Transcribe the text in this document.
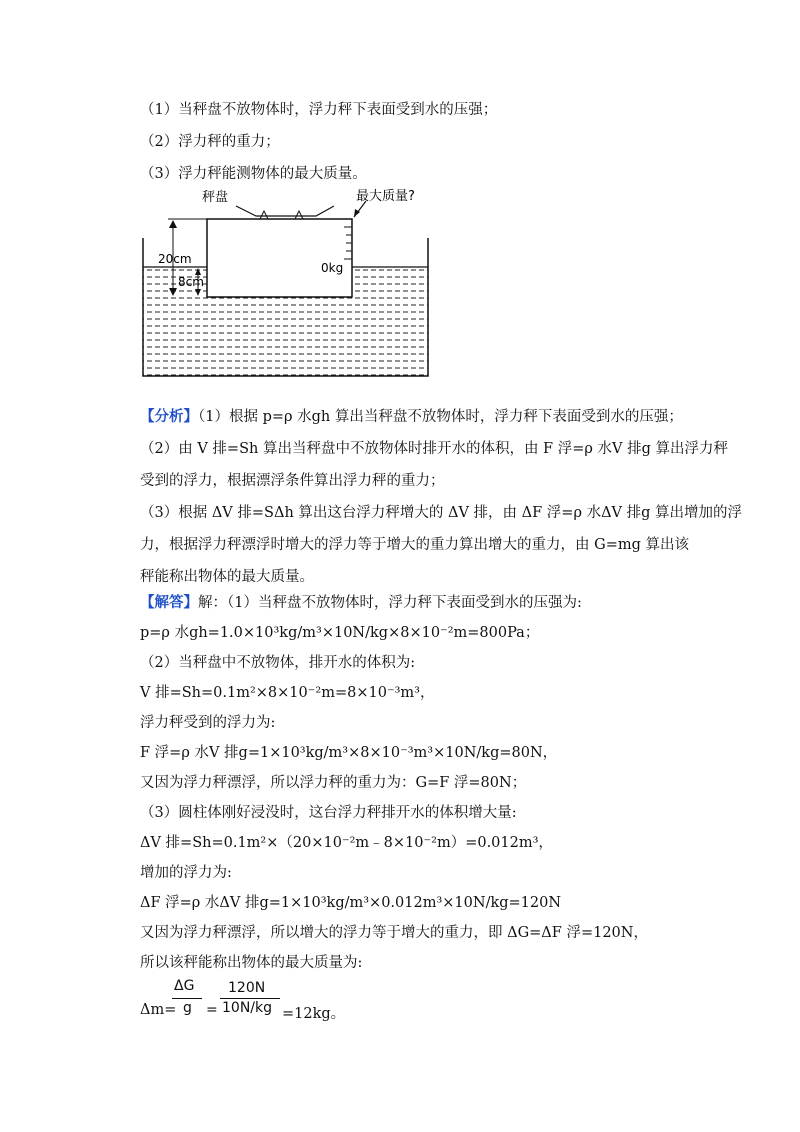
（1）当秤盘不放物体时，浮力秤下表面受到水的压强；
（2）浮力秤的重力；
（3）浮力秤能测物体的最大质量。
秤盘	最大质量?
20cm
8cm
0kg
【分析】（1）根据 p=ρ 水gh 算出当秤盘不放物体时，浮力秤下表面受到水的压强；
（2）由 V 排=Sh 算出当秤盘中不放物体时排开水的体积，由 F 浮=ρ 水V 排g 算出浮力秤
受到的浮力，根据漂浮条件算出浮力秤的重力；
（3）根据 ΔV 排=SΔh 算出这台浮力秤增大的 ΔV 排，由 ΔF 浮=ρ 水ΔV 排g 算出增加的浮
力，根据浮力秤漂浮时增大的浮力等于增大的重力算出增大的重力，由 G=mg 算出该
秤能称出物体的最大质量。
【解答】解：（1）当秤盘不放物体时，浮力秤下表面受到水的压强为:
p=ρ 水gh=1.0×10³kg/m³×10N/kg×8×10⁻²m=800Pa；
（2）当秤盘中不放物体，排开水的体积为:
V 排=Sh=0.1m²×8×10⁻²m=8×10⁻³m³，
浮力秤受到的浮力为:
F 浮=ρ 水V 排g=1×10³kg/m³×8×10⁻³m³×10N/kg=80N，
又因为浮力秤漂浮，所以浮力秤的重力为：G=F 浮=80N；
（3）圆柱体刚好浸没时，这台浮力秤排开水的体积增大量:
ΔV 排=Sh=0.1m²×（20×10⁻²m﹣8×10⁻²m）=0.012m³，
增加的浮力为:
ΔF 浮=ρ 水ΔV 排g=1×10³kg/m³×0.012m³×10N/kg=120N
又因为浮力秤漂浮，所以增大的浮力等于增大的重力，即 ΔG=ΔF 浮=120N，
所以该秤能称出物体的最大质量为:
Δm=
ΔG
g =
120N
10N/kg =12kg。
